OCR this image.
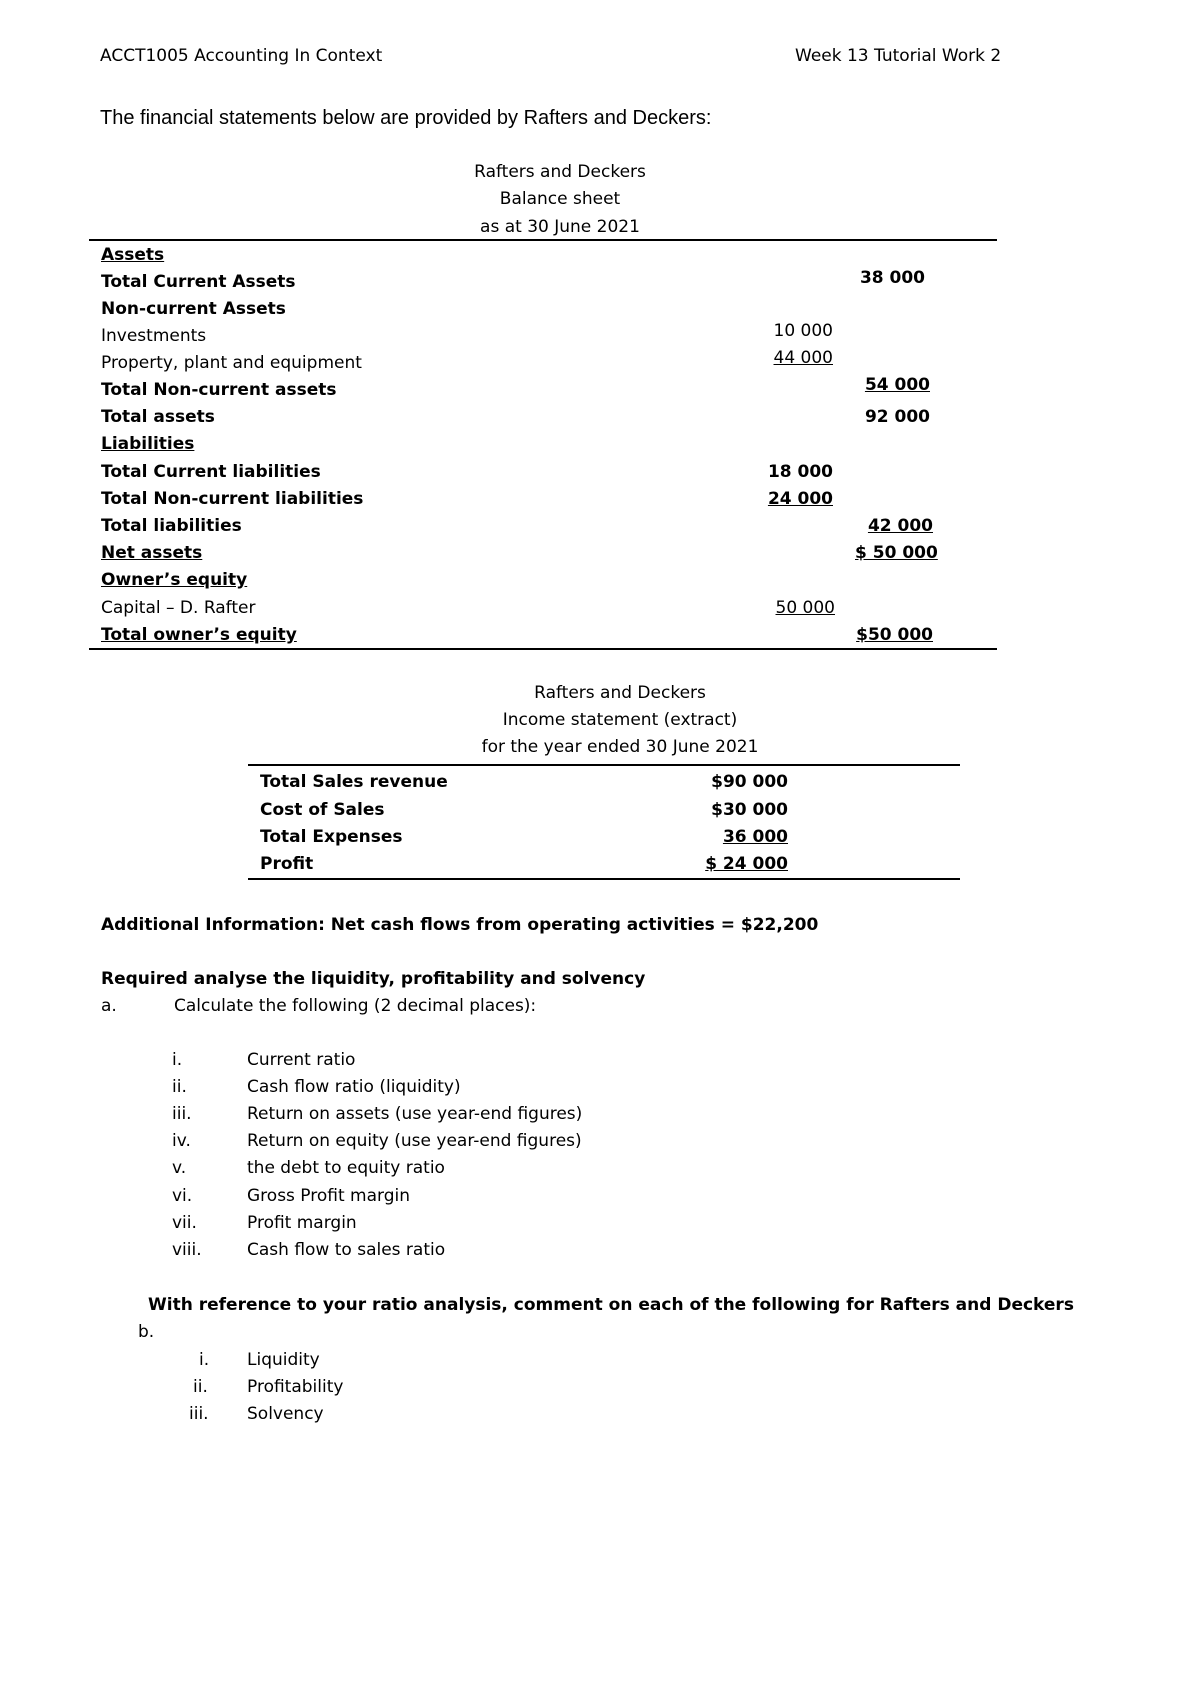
ACCT1005 Accounting In Context	Week 13 Tutorial Work 2
The financial statements below are provided by Rafters and Deckers:
Rafters and Deckers
Balance sheet
as at 30 June 2021
Assets
Total Current Assets	38 000
Non-current Assets
Investments	10 000
Property, plant and equipment	44 000
Total Non-current assets	54 000
Total assets	92 000
Liabilities
Total Current liabilities	18 000
Total Non-current liabilities	24 000
Total liabilities	42 000
Net assets	$ 50 000
Owner’s equity
Capital – D. Rafter	50 000
Total owner’s equity	$50 000
Rafters and Deckers
Income statement (extract)
for the year ended 30 June 2021
Total Sales revenue	$90 000
Cost of Sales	$30 000
Total Expenses	36 000
Profit	$ 24 000
Additional Information: Net cash flows from operating activities = $22,200
Required analyse the liquidity, profitability and solvency
a.	Calculate the following (2 decimal places):
i.	Current ratio
ii.	Cash flow ratio (liquidity)
iii.	Return on assets (use year-end figures)
iv.	Return on equity (use year-end figures)
v.	the debt to equity ratio
vi.	Gross Profit margin
vii.	Profit margin
viii.	Cash flow to sales ratio
With reference to your ratio analysis, comment on each of the following for Rafters and Deckers
b.
i. Liquidity
ii. Profitability
iii. Solvency
